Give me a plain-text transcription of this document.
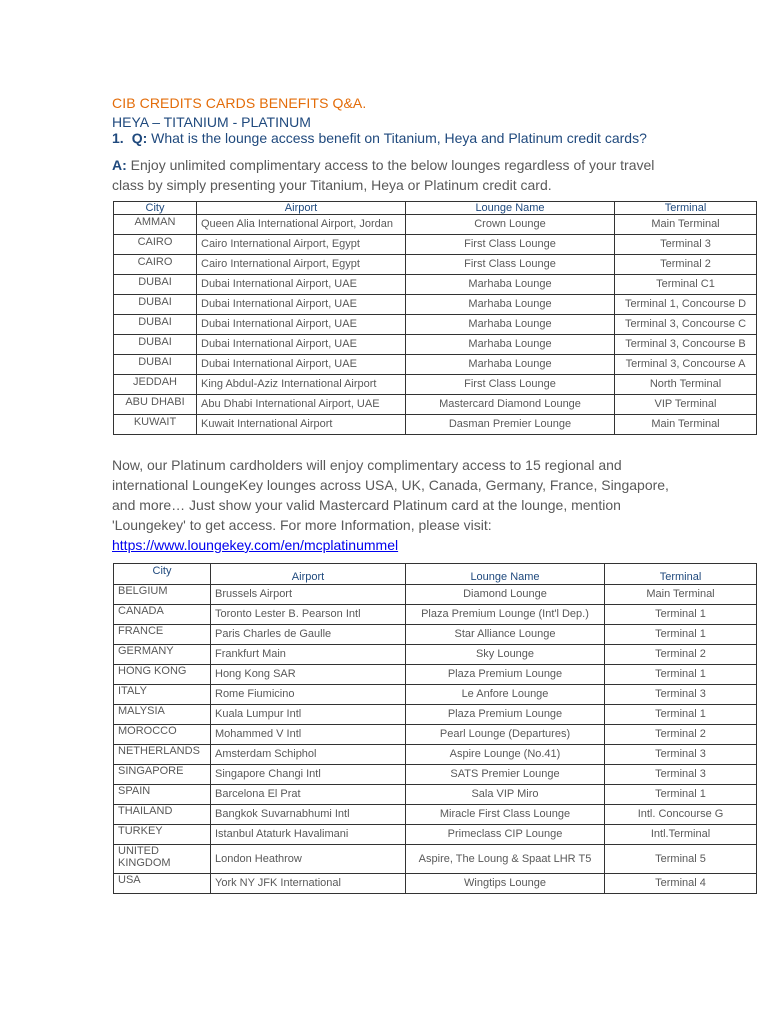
CIB CREDITS CARDS BENEFITS Q&A.
HEYA – TITANIUM - PLATINUM
1. Q: What is the lounge access benefit on Titanium, Heya and Platinum credit cards?
A: Enjoy unlimited complimentary access to the below lounges regardless of your travel class by simply presenting your Titanium, Heya or Platinum credit card.
City	Airport	Lounge Name	Terminal
AMMAN	Queen Alia International Airport, Jordan	Crown Lounge	Main Terminal
CAIRO	Cairo International Airport, Egypt	First Class Lounge	Terminal 3
CAIRO	Cairo International Airport, Egypt	First Class Lounge	Terminal 2
DUBAI	Dubai International Airport, UAE	Marhaba Lounge	Terminal C1
DUBAI	Dubai International Airport, UAE	Marhaba Lounge	Terminal 1, Concourse D
DUBAI	Dubai International Airport, UAE	Marhaba Lounge	Terminal 3, Concourse C
DUBAI	Dubai International Airport, UAE	Marhaba Lounge	Terminal 3, Concourse B
DUBAI	Dubai International Airport, UAE	Marhaba Lounge	Terminal 3, Concourse A
JEDDAH	King Abdul-Aziz International Airport	First Class Lounge	North Terminal
ABU DHABI	Abu Dhabi International Airport, UAE	Mastercard Diamond Lounge	VIP Terminal
KUWAIT	Kuwait International Airport	Dasman Premier Lounge	Main Terminal
Now, our Platinum cardholders will enjoy complimentary access to 15 regional and international LoungeKey lounges across USA, UK, Canada, Germany, France, Singapore, and more… Just show your valid Mastercard Platinum card at the lounge, mention 'Loungekey' to get access. For more Information, please visit:
https://www.loungekey.com/en/mcplatinummel
City	Airport	Lounge Name	Terminal
BELGIUM	Brussels Airport	Diamond Lounge	Main Terminal
CANADA	Toronto Lester B. Pearson Intl	Plaza Premium Lounge (Int'l Dep.)	Terminal 1
FRANCE	Paris Charles de Gaulle	Star Alliance Lounge	Terminal 1
GERMANY	Frankfurt Main	Sky Lounge	Terminal 2
HONG KONG	Hong Kong SAR	Plaza Premium Lounge	Terminal 1
ITALY	Rome Fiumicino	Le Anfore Lounge	Terminal 3
MALYSIA	Kuala Lumpur Intl	Plaza Premium Lounge	Terminal 1
MOROCCO	Mohammed V Intl	Pearl Lounge (Departures)	Terminal 2
NETHERLANDS	Amsterdam Schiphol	Aspire Lounge (No.41)	Terminal 3
SINGAPORE	Singapore Changi Intl	SATS Premier Lounge	Terminal 3
SPAIN	Barcelona El Prat	Sala VIP Miro	Terminal 1
THAILAND	Bangkok Suvarnabhumi Intl	Miracle First Class Lounge	Intl. Concourse G
TURKEY	Istanbul Ataturk Havalimani	Primeclass CIP Lounge	Intl.Terminal
UNITED KINGDOM	London Heathrow	Aspire, The Loung & Spaat LHR T5	Terminal 5
USA	York NY JFK International	Wingtips Lounge	Terminal 4
